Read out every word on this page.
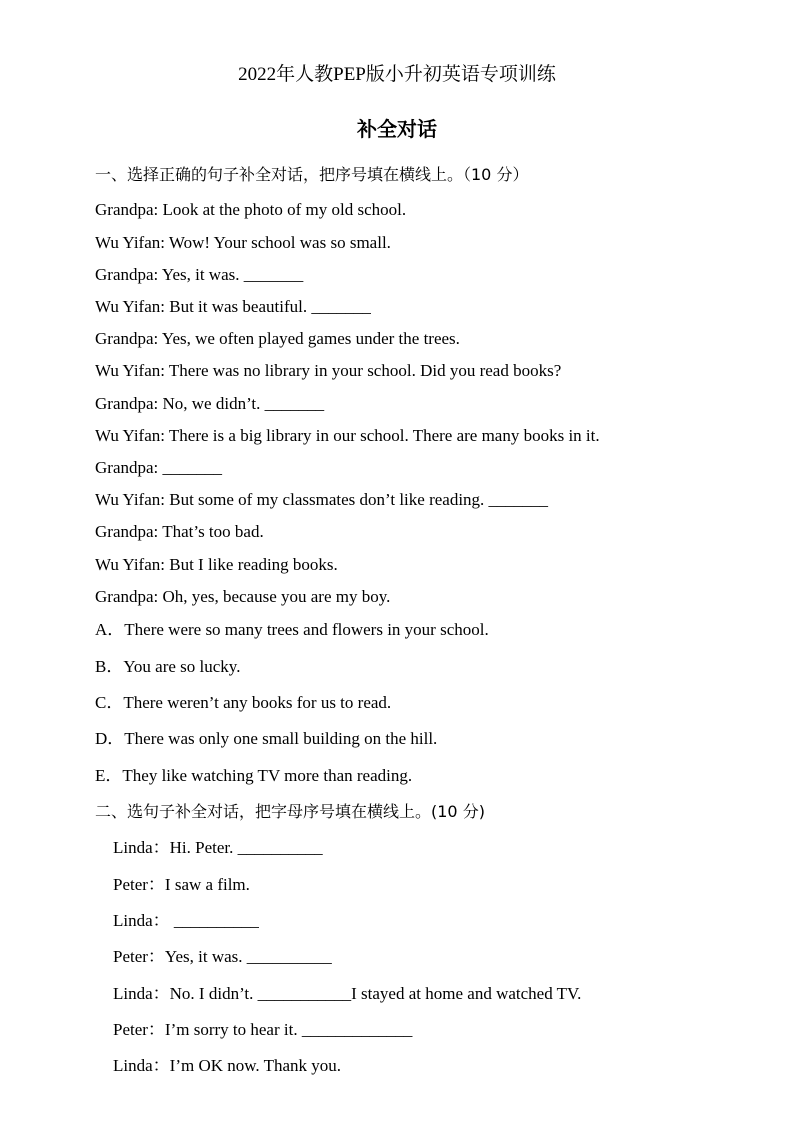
2022年人教PEP版小升初英语专项训练
补全对话
一、选择正确的句子补全对话，把序号填在横线上。（10 分）
Grandpa: Look at the photo of my old school.
Wu Yifan: Wow! Your school was so small.
Grandpa: Yes, it was. _______
Wu Yifan: But it was beautiful. _______
Grandpa: Yes, we often played games under the trees.
Wu Yifan: There was no library in your school. Did you read books?
Grandpa: No, we didn’t. _______
Wu Yifan: There is a big library in our school. There are many books in it.
Grandpa: _______
Wu Yifan: But some of my classmates don’t like reading. _______
Grandpa: That’s too bad.
Wu Yifan: But I like reading books.
Grandpa: Oh, yes, because you are my boy.
A．There were so many trees and flowers in your school.
B．You are so lucky.
C．There weren’t any books for us to read.
D．There was only one small building on the hill.
E．They like watching TV more than reading.
二、选句子补全对话，把字母序号填在横线上。(10 分)
Linda：Hi. Peter. __________
Peter：I saw a film.
Linda： __________
Peter：Yes, it was. __________
Linda：No. I didn’t. ___________I stayed at home and watched TV.
Peter：I’m sorry to hear it. _____________
Linda：I’m OK now. Thank you.
